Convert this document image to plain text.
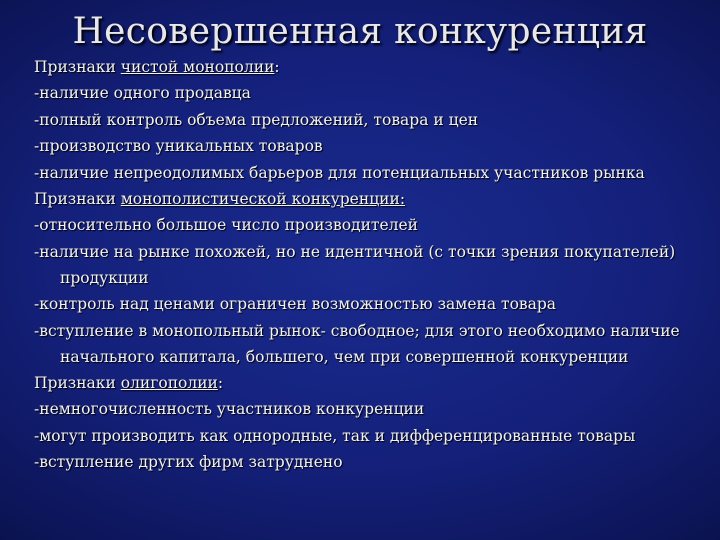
Несовершенная конкуренция

Признаки чистой монополии:

-наличие одного продавца

-полный контроль объема предложений, товара и цен

-производство уникальных товаров

-наличие непреодолимых барьеров для потенциальных участников рынка

Признаки монополистической конкуренции:

-относительно большое число производителей

-наличие на рынке похожей, но не идентичной (с точки зрения покупателей) продукции

-контроль над ценами ограничен возможностью замена товара

-вступление в монопольный рынок- свободное; для этого необходимо наличие начального капитала, большего, чем при совершенной конкуренции

Признаки олигополии:

-немногочисленность участников конкуренции

-могут производить как однородные, так и дифференцированные товары

-вступление других фирм затруднено
